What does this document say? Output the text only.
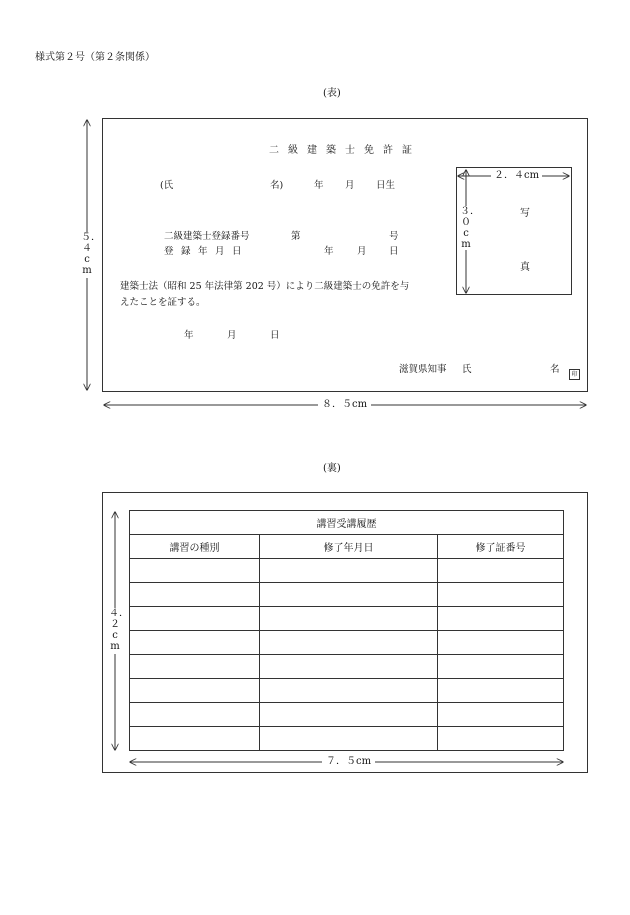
様式第２号（第２条関係）
(表)
５．４cm
８．５cm
二級建築士免許証
(氏	名)	年 月 日生
二級建築士登録番号	第	号
登録年月日	年 月 日
建築士法（昭和 25 年法律第 202 号）により二級建築士の免許を与
えたことを証する。
年	月	日
滋賀県知事 氏	名	印
２．４cm
３．０cm
写
真
(裏)
講習受講履歴		
講習の種別	修了年月日	修了証番号

４．２cm
７．５cm
